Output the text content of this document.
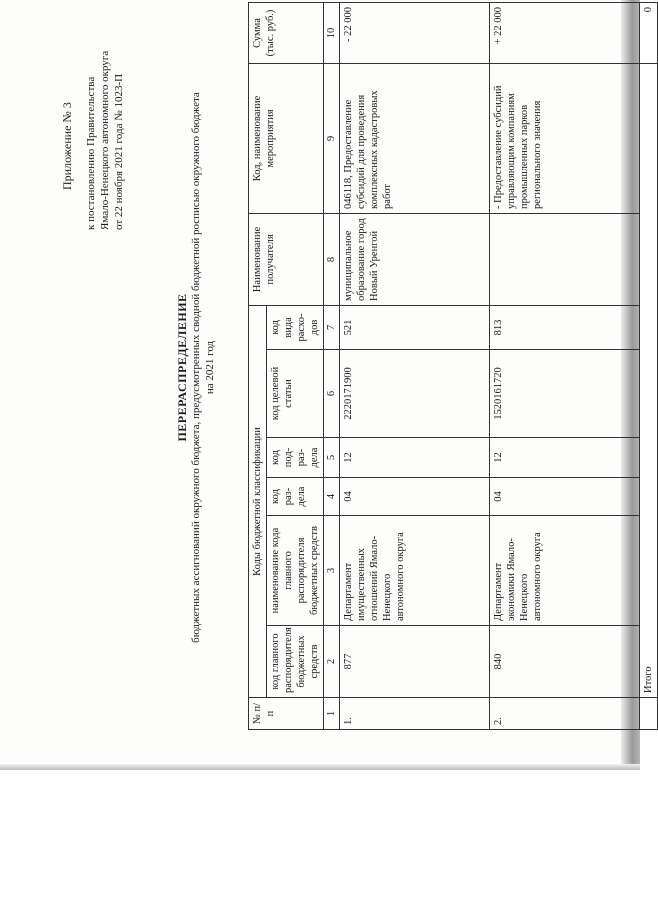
Приложение № 3 к постановлению Правительства Ямало-Ненецкого автономного округа от 22 ноября 2021 года № 1023-П
ПЕРЕРАСПРЕДЕЛЕНИЕ бюджетных ассигнований окружного бюджета, предусмотренных сводной бюджетной росписью окружного бюджета на 2021 год
№ п/п	Коды бюджетной классификации						Наименование получателя	Код, наименование мероприятия	Сумма (тыс. руб.)
	код главного распорядителя бюджетных средств	наименование кода главного распорядителя бюджетных средств	код раз-дела	код под-раз-дела	код целевой статьи	код вида расхо-дов			
1	2	3	4	5	6	7	8	9	10
1.	877	Департамент имущественных отношений Ямало-Ненецкого автономного округа	04	12	2220171900	521	муниципальное образование город Новый Уренгой	046118, Предоставление субсидий для проведения комплексных кадастровых работ	- 22 000
2.	840	Департамент экономики Ямало-Ненецкого автономного округа	04	12	1520161720	813		- Предоставление субсидий управляющим компаниям промышленных парков регионального значения	+ 22 000
	Итого								0
